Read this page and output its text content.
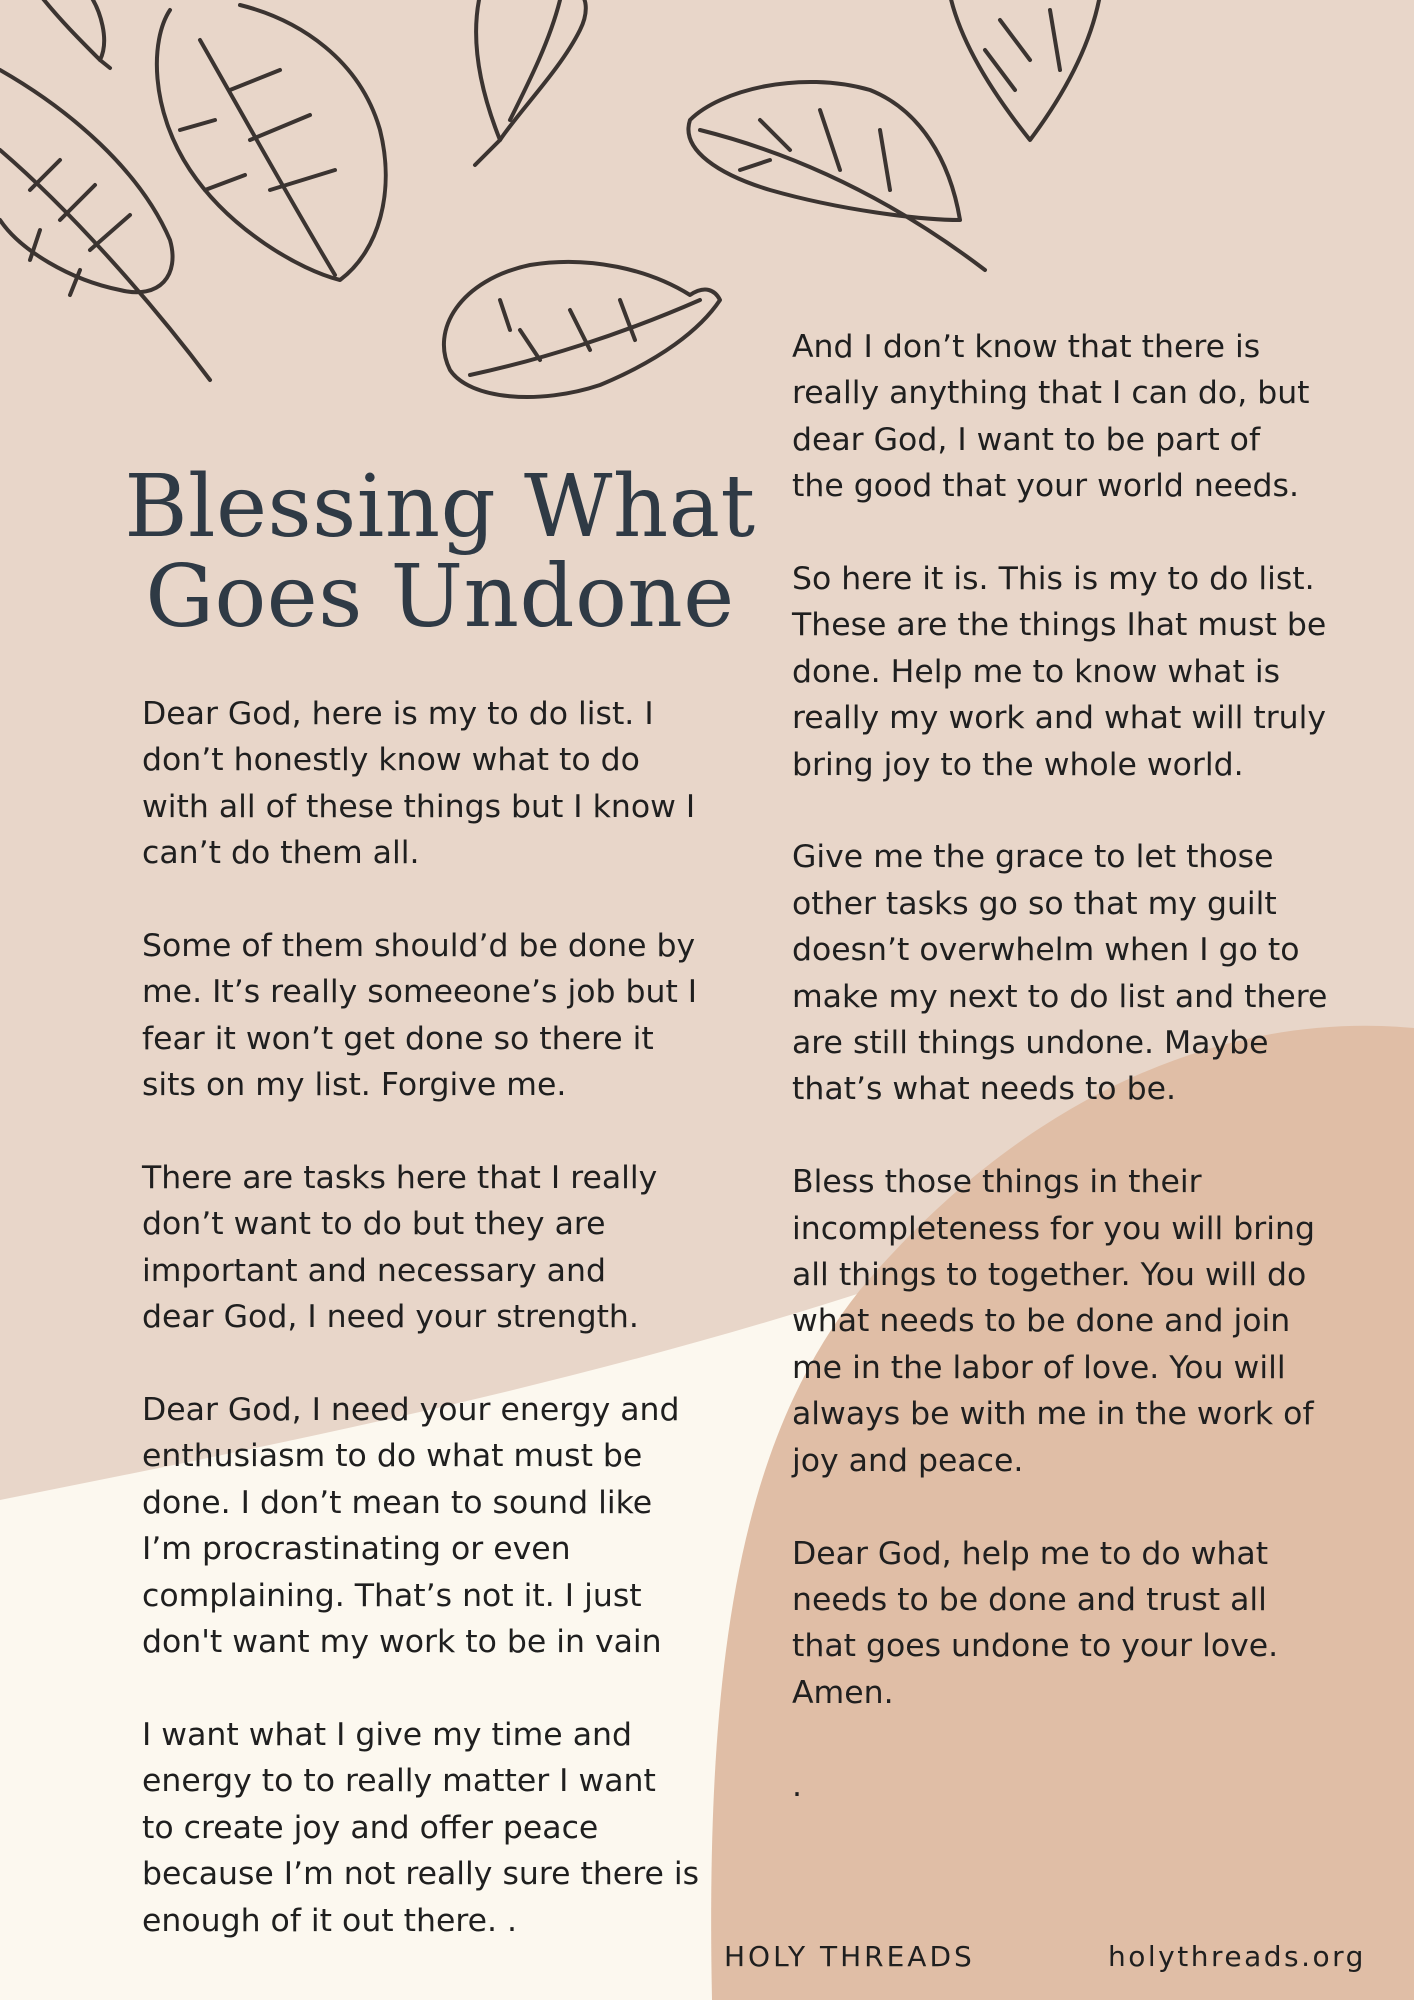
Blessing What
Goes Undone

Dear God, here is my to do list. I
don’t honestly know what to do
with all of these things but I know I
can’t do them all.

Some of them should’d be done by
me. It’s really someeone’s job but I
fear it won’t get done so there it
sits on my list. Forgive me.

There are tasks here that I really
don’t want to do but they are
important and necessary and
dear God, I need your strength.

Dear God, I need your energy and
enthusiasm to do what must be
done. I don’t mean to sound like
I’m procrastinating or even
complaining. That’s not it. I just
don't want my work to be in vain

I want what I give my time and
energy to to really matter I want
to create joy and offer peace
because I’m not really sure there is
enough of it out there. .

And I don’t know that there is
really anything that I can do, but
dear God, I want to be part of
the good that your world needs.

So here it is. This is my to do list.
These are the things Ihat must be
done. Help me to know what is
really my work and what will truly
bring joy to the whole world.

Give me the grace to let those
other tasks go so that my guilt
doesn’t overwhelm when I go to
make my next to do list and there
are still things undone. Maybe
that’s what needs to be.

Bless those things in their
incompleteness for you will bring
all things to together. You will do
what needs to be done and join
me in the labor of love. You will
always be with me in the work of
joy and peace.

Dear God, help me to do what
needs to be done and trust all
that goes undone to your love.
Amen.

.

HOLY THREADS	holythreads.org
